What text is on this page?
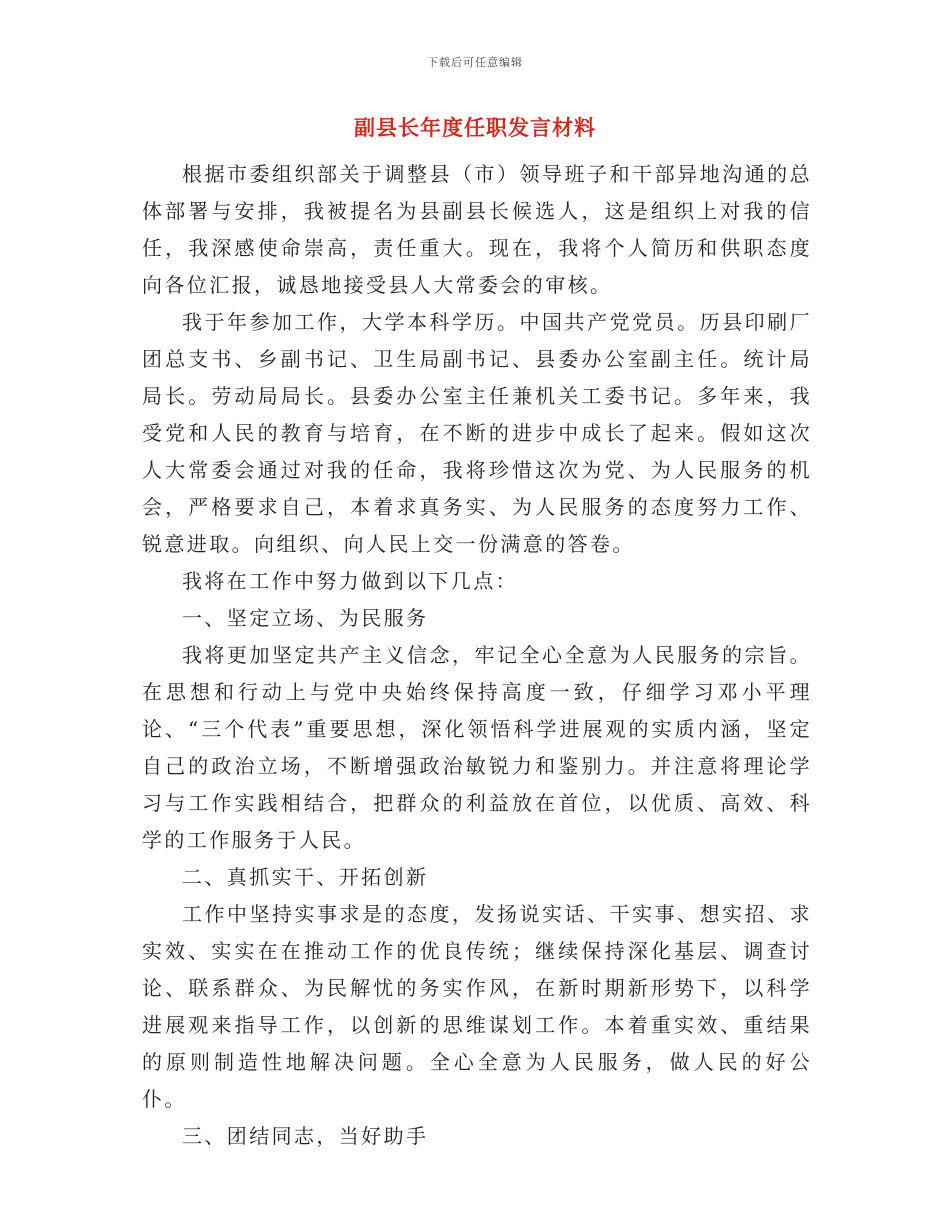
下载后可任意编辑
副县长年度任职发言材料

根据市委组织部关于调整县（市）领导班子和干部异地沟通的总体部署与安排，我被提名为县副县长候选人，这是组织上对我的信任，我深感使命崇高，责任重大。现在，我将个人简历和供职态度向各位汇报，诚恳地接受县人大常委会的审核。

我于年参加工作，大学本科学历。中国共产党党员。历县印刷厂团总支书、乡副书记、卫生局副书记、县委办公室副主任。统计局局长。劳动局局长。县委办公室主任兼机关工委书记。多年来，我受党和人民的教育与培育，在不断的进步中成长了起来。假如这次人大常委会通过对我的任命，我将珍惜这次为党、为人民服务的机会，严格要求自己，本着求真务实、为人民服务的态度努力工作、锐意进取。向组织、向人民上交一份满意的答卷。

我将在工作中努力做到以下几点：

一、坚定立场、为民服务

我将更加坚定共产主义信念，牢记全心全意为人民服务的宗旨。在思想和行动上与党中央始终保持高度一致，仔细学习邓小平理论、“三个代表”重要思想，深化领悟科学进展观的实质内涵，坚定自己的政治立场，不断增强政治敏锐力和鉴别力。并注意将理论学习与工作实践相结合，把群众的利益放在首位，以优质、高效、科学的工作服务于人民。

二、真抓实干、开拓创新

工作中坚持实事求是的态度，发扬说实话、干实事、想实招、求实效、实实在在推动工作的优良传统；继续保持深化基层、调查讨论、联系群众、为民解忧的务实作风，在新时期新形势下，以科学进展观来指导工作，以创新的思维谋划工作。本着重实效、重结果的原则制造性地解决问题。全心全意为人民服务，做人民的好公仆。

三、团结同志，当好助手
